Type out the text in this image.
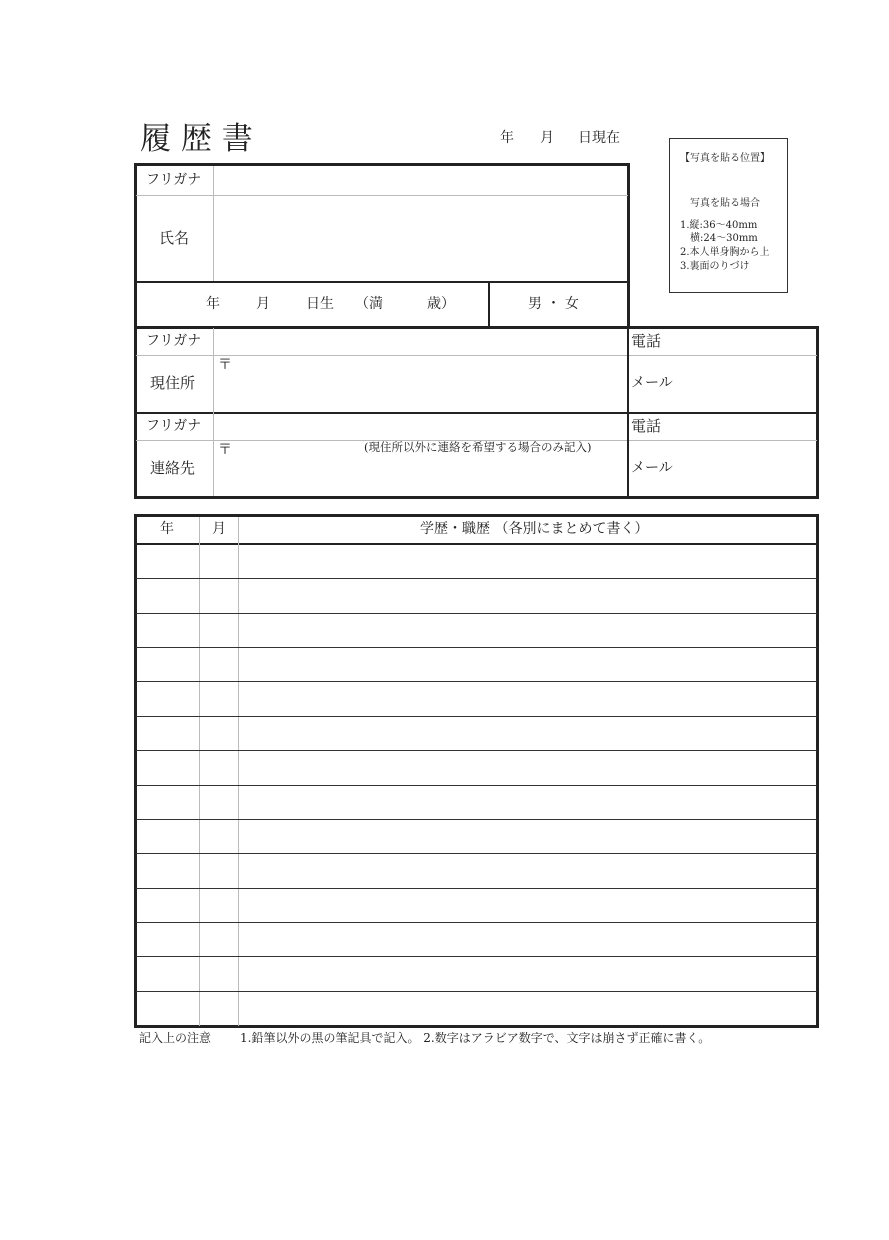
履 歴 書	年 月 日現在
【写真を貼る位置】
写真を貼る場合
1.縦:36～40mm
　横:24～30mm
2.本人単身胸から上
3.裏面のりづけ
フリガナ
氏名
年	月	日生 （満	歳）	男 ・ 女
フリガナ
〒
現住所
電話
メール
フリガナ
〒	(現住所以外に連絡を希望する場合のみ記入)
連絡先
電話
メール
年	月	学歴・職歴 （各別にまとめて書く）
記入上の注意 1.鉛筆以外の黒の筆記具で記入。 2.数字はアラビア数字で、文字は崩さず正確に書く。
